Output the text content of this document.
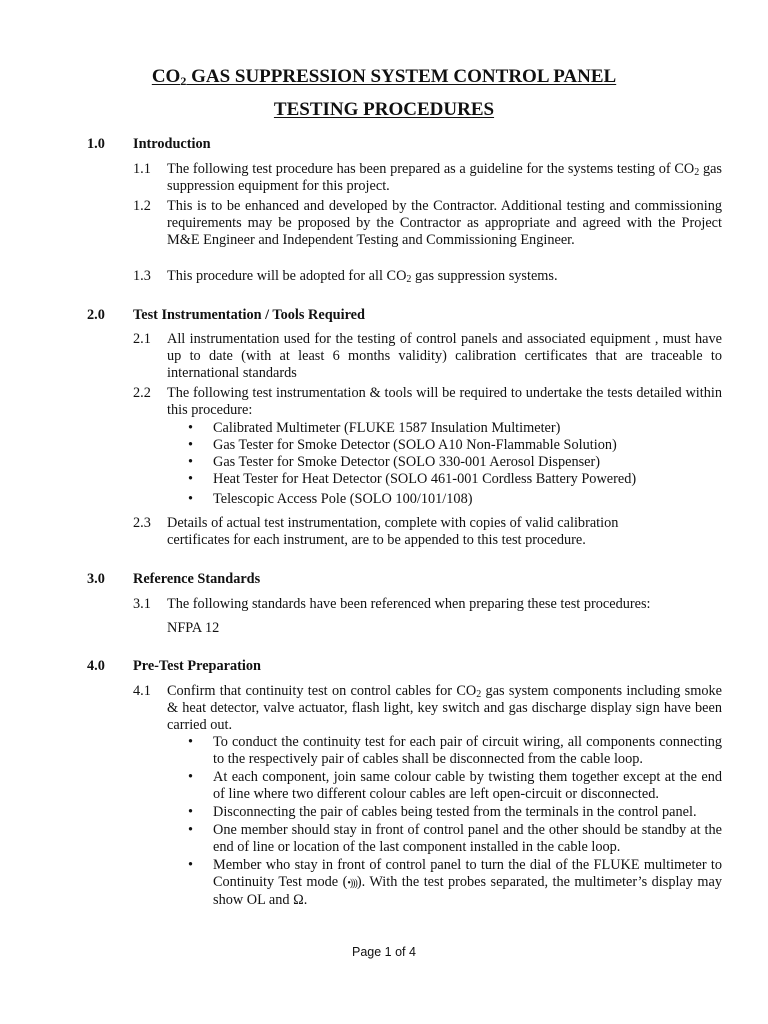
$CO_2$ GAS SUPPRESSION SYSTEM CONTROL PANEL
TESTING PROCEDURES
1.0 Introduction
1.1 The following test procedure has been prepared as a guideline for the systems testing of $CO_2$ gas suppression equipment for this project.
1.2 This is to be enhanced and developed by the Contractor. Additional testing and commissioning requirements may be proposed by the Contractor as appropriate and agreed with the Project M&E Engineer and Independent Testing and Commissioning Engineer.
1.3 This procedure will be adopted for all $CO_2$ gas suppression systems.
2.0 Test Instrumentation / Tools Required
2.1 All instrumentation used for the testing of control panels and associated equipment , must have up to date (with at least 6 months validity) calibration certificates that are traceable to international standards
2.2 The following test instrumentation & tools will be required to undertake the tests detailed within this procedure:
• Calibrated Multimeter (FLUKE 1587 Insulation Multimeter)
• Gas Tester for Smoke Detector (SOLO A10 Non-Flammable Solution)
• Gas Tester for Smoke Detector (SOLO 330-001 Aerosol Dispenser)
• Heat Tester for Heat Detector (SOLO 461-001 Cordless Battery Powered)
• Telescopic Access Pole (SOLO 100/101/108)
2.3 Details of actual test instrumentation, complete with copies of valid calibration certificates for each instrument, are to be appended to this test procedure.
3.0 Reference Standards
3.1 The following standards have been referenced when preparing these test procedures:
NFPA 12
4.0 Pre-Test Preparation
4.1 Confirm that continuity test on control cables for $CO_2$ gas system components including smoke & heat detector, valve actuator, flash light, key switch and gas discharge display sign have been carried out.
• To conduct the continuity test for each pair of circuit wiring, all components connecting to the respectively pair of cables shall be disconnected from the cable loop.
• At each component, join same colour cable by twisting them together except at the end of line where two different colour cables are left open-circuit or disconnected.
• Disconnecting the pair of cables being tested from the terminals in the control panel.
• One member should stay in front of control panel and the other should be standby at the end of line or location of the last component installed in the cable loop.
• Member who stay in front of control panel to turn the dial of the FLUKE multimeter to Continuity Test mode (•)))). With the test probes separated, the multimeter’s display may show OL and Ω.
Page 1 of 4
